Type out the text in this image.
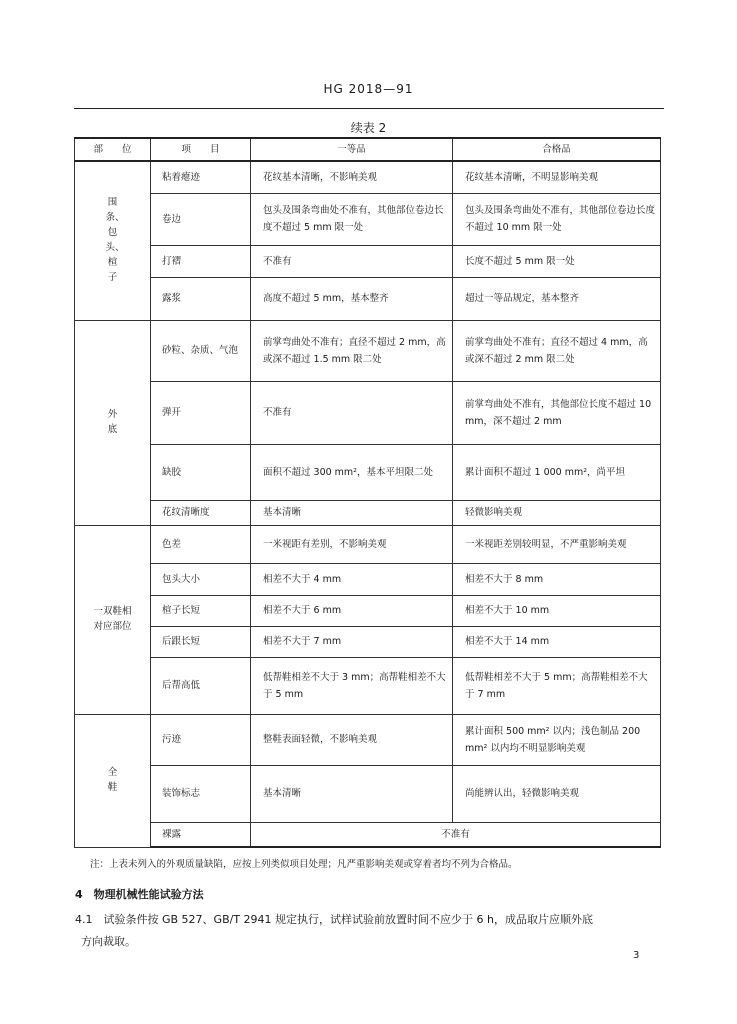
HG 2018—91
续表 2
部　　位	项　　目	一等品	合格品
围条、包头、楦子	粘着瘪迹	花纹基本清晰，不影响美观	花纹基本清晰，不明显影响美观
	卷边	包头及围条弯曲处不准有，其他部位卷边长度不超过 5 mm 限一处	包头及围条弯曲处不准有，其他部位卷边长度不超过 10 mm 限一处
	打褶	不准有	长度不超过 5 mm 限一处
	露浆	高度不超过 5 mm，基本整齐	超过一等品规定，基本整齐
外底	砂粒、杂质、气泡	前掌弯曲处不准有；直径不超过 2 mm，高或深不超过 1.5 mm 限二处	前掌弯曲处不准有；直径不超过 4 mm，高或深不超过 2 mm 限二处
	弹开	不准有	前掌弯曲处不准有，其他部位长度不超过 10 mm，深不超过 2 mm
	缺胶	面积不超过 300 mm²，基本平坦限二处	累计面积不超过 1 000 mm²，尚平坦
	花纹清晰度	基本清晰	轻微影响美观
一双鞋相对应部位	色差	一米视距有差别，不影响美观	一米视距差别较明显，不严重影响美观
	包头大小	相差不大于 4 mm	相差不大于 8 mm
	楦子长短	相差不大于 6 mm	相差不大于 10 mm
	后跟长短	相差不大于 7 mm	相差不大于 14 mm
	后帮高低	低帮鞋相差不大于 3 mm；高帮鞋相差不大于 5 mm	低帮鞋相差不大于 5 mm；高帮鞋相差不大于 7 mm
全鞋	污迹	整鞋表面轻微，不影响美观	累计面积 500 mm² 以内；浅色制品 200 mm² 以内均不明显影响美观
	装饰标志	基本清晰	尚能辨认出，轻微影响美观
	裸露	不准有	
注：上表未列入的外观质量缺陷，应按上列类似项目处理；凡严重影响美观或穿着者均不列为合格品。
4　物理机械性能试验方法
4.1　试验条件按 GB 527、GB/T 2941 规定执行，试样试验前放置时间不应少于 6 h，成品取片应顺外底
方向裁取。
3
